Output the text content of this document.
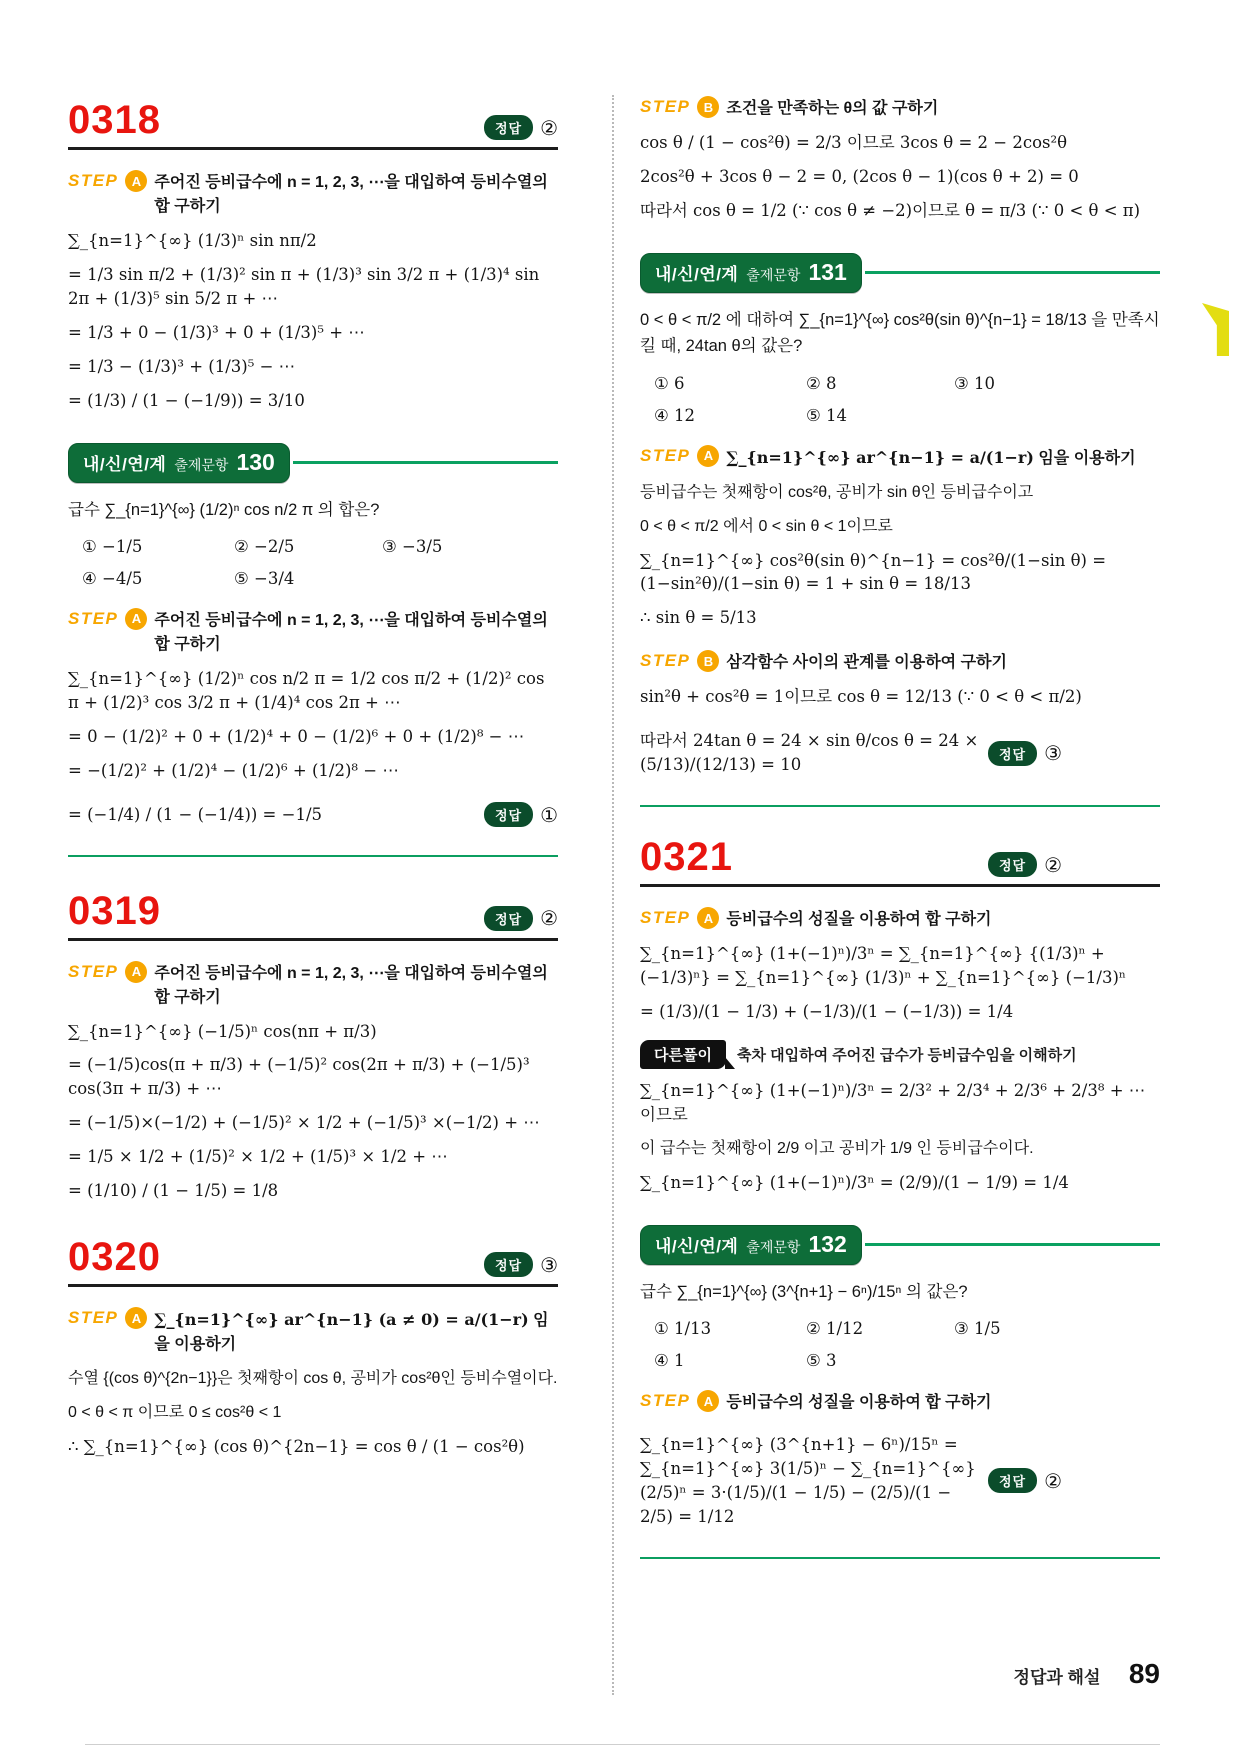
0318	정답 ②
STEP	A 주어진 등비급수에 n = 1, 2, 3, ⋯을 대입하여 등비수열의 합 구하기
∑_{n=1}^{∞} (1/3)ⁿ sin nπ/2
= 1/3 sin π/2 + (1/3)² sin π + (1/3)³ sin 3/2 π + (1/3)⁴ sin 2π + (1/3)⁵ sin 5/2 π + ⋯
= 1/3 + 0 − (1/3)³ + 0 + (1/3)⁵ + ⋯
= 1/3 − (1/3)³ + (1/3)⁵ − ⋯
= (1/3) / (1 − (−1/9)) = 3/10
내/신/연/계 출제문항 130

급수 ∑_{n=1}^{∞} (1/2)ⁿ cos n/2 π 의 합은?

① −1/5	② −2/5	③ −3/5
④ −4/5	⑤ −3/4
STEP	A 주어진 등비급수에 n = 1, 2, 3, ⋯을 대입하여 등비수열의 합 구하기
∑_{n=1}^{∞} (1/2)ⁿ cos n/2 π = 1/2 cos π/2 + (1/2)² cos π + (1/2)³ cos 3/2 π + (1/4)⁴ cos 2π + ⋯
= 0 − (1/2)² + 0 + (1/2)⁴ + 0 − (1/2)⁶ + 0 + (1/2)⁸ − ⋯
= −(1/2)² + (1/2)⁴ − (1/2)⁶ + (1/2)⁸ − ⋯
= (−1/4) / (1 − (−1/4)) = −1/5	정답 ①
0319	정답 ②
STEP	A 주어진 등비급수에 n = 1, 2, 3, ⋯을 대입하여 등비수열의 합 구하기
∑_{n=1}^{∞} (−1/5)ⁿ cos(nπ + π/3)
= (−1/5)cos(π + π/3) + (−1/5)² cos(2π + π/3) + (−1/5)³ cos(3π + π/3) + ⋯
= (−1/5)×(−1/2) + (−1/5)² × 1/2 + (−1/5)³ ×(−1/2) + ⋯
= 1/5 × 1/2 + (1/5)² × 1/2 + (1/5)³ × 1/2 + ⋯
= (1/10) / (1 − 1/5) = 1/8
0320	정답 ③
STEP	A ∑_{n=1}^{∞} ar^{n−1} (a ≠ 0) = a/(1−r) 임을 이용하기
수열 {(cos θ)^{2n−1}}은 첫째항이 cos θ, 공비가 cos²θ인 등비수열이다.
0 < θ < π 이므로 0 ≤ cos²θ < 1
∴ ∑_{n=1}^{∞} (cos θ)^{2n−1} = cos θ / (1 − cos²θ)
STEP	B 조건을 만족하는 θ의 값 구하기
cos θ / (1 − cos²θ) = 2/3 이므로 3cos θ = 2 − 2cos²θ
2cos²θ + 3cos θ − 2 = 0, (2cos θ − 1)(cos θ + 2) = 0
따라서 cos θ = 1/2 (∵ cos θ ≠ −2)이므로 θ = π/3 (∵ 0 < θ < π)
내/신/연/계 출제문항 131

0 < θ < π/2 에 대하여 ∑_{n=1}^{∞} cos²θ(sin θ)^{n−1} = 18/13 을 만족시킬 때, 24tan θ의 값은?

① 6	② 8	③ 10
④ 12	⑤ 14
STEP	A ∑_{n=1}^{∞} ar^{n−1} = a/(1−r) 임을 이용하기
등비급수는 첫째항이 cos²θ, 공비가 sin θ인 등비급수이고
0 < θ < π/2 에서 0 < sin θ < 1이므로
∑_{n=1}^{∞} cos²θ(sin θ)^{n−1} = cos²θ/(1−sin θ) = (1−sin²θ)/(1−sin θ) = 1 + sin θ = 18/13
∴ sin θ = 5/13
STEP	B 삼각함수 사이의 관계를 이용하여 구하기
sin²θ + cos²θ = 1이므로 cos θ = 12/13 (∵ 0 < θ < π/2)
따라서 24tan θ = 24 × sin θ/cos θ = 24 × (5/13)/(12/13) = 10
정답 ③
0321	정답 ②
STEP	A 등비급수의 성질을 이용하여 합 구하기
∑_{n=1}^{∞} (1+(−1)ⁿ)/3ⁿ = ∑_{n=1}^{∞} {(1/3)ⁿ + (−1/3)ⁿ} = ∑_{n=1}^{∞} (1/3)ⁿ + ∑_{n=1}^{∞} (−1/3)ⁿ
= (1/3)/(1 − 1/3) + (−1/3)/(1 − (−1/3)) = 1/4
다른풀이	축차 대입하여 주어진 급수가 등비급수임을 이해하기
∑_{n=1}^{∞} (1+(−1)ⁿ)/3ⁿ = 2/3² + 2/3⁴ + 2/3⁶ + 2/3⁸ + ⋯ 이므로
이 급수는 첫째항이 2/9 이고 공비가 1/9 인 등비급수이다.
∑_{n=1}^{∞} (1+(−1)ⁿ)/3ⁿ = (2/9)/(1 − 1/9) = 1/4
내/신/연/계 출제문항 132

급수 ∑_{n=1}^{∞} (3^{n+1} − 6ⁿ)/15ⁿ 의 값은?

① 1/13	② 1/12	③ 1/5
④ 1	⑤ 3
STEP	A 등비급수의 성질을 이용하여 합 구하기
∑_{n=1}^{∞} (3^{n+1} − 6ⁿ)/15ⁿ = ∑_{n=1}^{∞} 3(1/5)ⁿ − ∑_{n=1}^{∞} (2/5)ⁿ = 3·(1/5)/(1 − 1/5) − (2/5)/(1 − 2/5) = 1/12
정답 ②
정답과 해설 89
